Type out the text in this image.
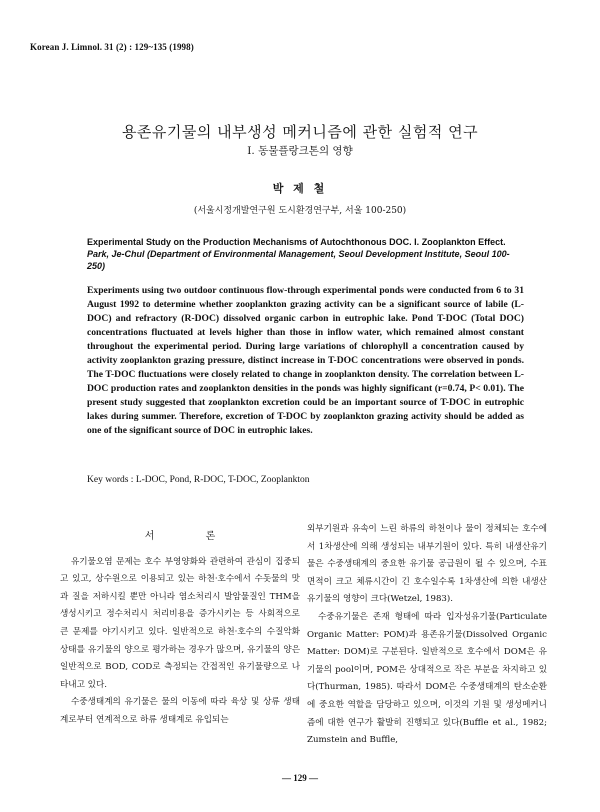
Korean J. Limnol. 31 (2) : 129~135 (1998)
용존유기물의 내부생성 메커니즘에 관한 실험적 연구
I. 동물플랑크톤의 영향
박 제 철
(서울시정개발연구원 도시환경연구부, 서울 100-250)
Experimental Study on the Production Mechanisms of Autochthonous DOC. I. Zooplankton Effect. Park, Je-Chul (Department of Environmental Management, Seoul Development Institute, Seoul 100-250)
Experiments using two outdoor continuous flow-through experimental ponds were conducted from 6 to 31 August 1992 to determine whether zooplankton grazing activity can be a significant source of labile (L-DOC) and refractory (R-DOC) dissolved organic carbon in eutrophic lake. Pond T-DOC (Total DOC) concentrations fluctuated at levels higher than those in inflow water, which remained almost constant throughout the experimental period. During large variations of chlorophyll a concentration caused by activity zooplankton grazing pressure, distinct increase in T-DOC concentrations were observed in ponds. The T-DOC fluctuations were closely related to change in zooplankton density. The correlation between L-DOC production rates and zooplankton densities in the ponds was highly significant (r=0.74, P< 0.01). The present study suggested that zooplankton excretion could be an important source of T-DOC in eutrophic lakes during summer. Therefore, excretion of T-DOC by zooplankton grazing activity should be added as one of the significant source of DOC in eutrophic lakes.
Key words : L-DOC, Pond, R-DOC, T-DOC, Zooplankton
서 론

유기물오염 문제는 호수 부영양화와 관련하여 관심이 집중되고 있고, 상수원으로 이용되고 있는 하천·호수에서 수돗물의 맛과 질을 저하시킬 뿐만 아니라 염소처리시 발암물질인 THM을 생성시키고 정수처리시 처리비용을 증가시키는 등 사회적으로 큰 문제를 야기시키고 있다. 일반적으로 하천·호수의 수질악화 상태를 유기물의 양으로 평가하는 경우가 많으며, 유기물의 양은 일반적으로 BOD, COD로 측정되는 간접적인 유기물량으로 나타내고 있다.

수중생태계의 유기물은 물의 이동에 따라 육상 및 상류 생태계로부터 연계적으로 하류 생태계로 유입되는

외부기원과 유속이 느린 하류의 하천이나 물이 정체되는 호수에서 1차생산에 의해 생성되는 내부기원이 있다. 특히 내생산유기물은 수중생태계의 중요한 유기물 공급원이 될 수 있으며, 수표면적이 크고 체류시간이 긴 호수일수록 1차생산에 의한 내생산유기물의 영향이 크다(Wetzel, 1983).

수중유기물은 존재 형태에 따라 입자성유기물(Particulate Organic Matter: POM)과 용존유기물(Dissolved Organic Matter: DOM)로 구분된다. 일반적으로 호수에서 DOM은 유기물의 pool이며, POM은 상대적으로 작은 부분을 차지하고 있다(Thurman, 1985). 따라서 DOM은 수중생태계의 탄소순환에 중요한 역할을 담당하고 있으며, 이것의 기원 및 생성메커니즘에 대한 연구가 활발히 진행되고 있다(Buffle et al., 1982; Zumstein and Buffle,

— 129 —
